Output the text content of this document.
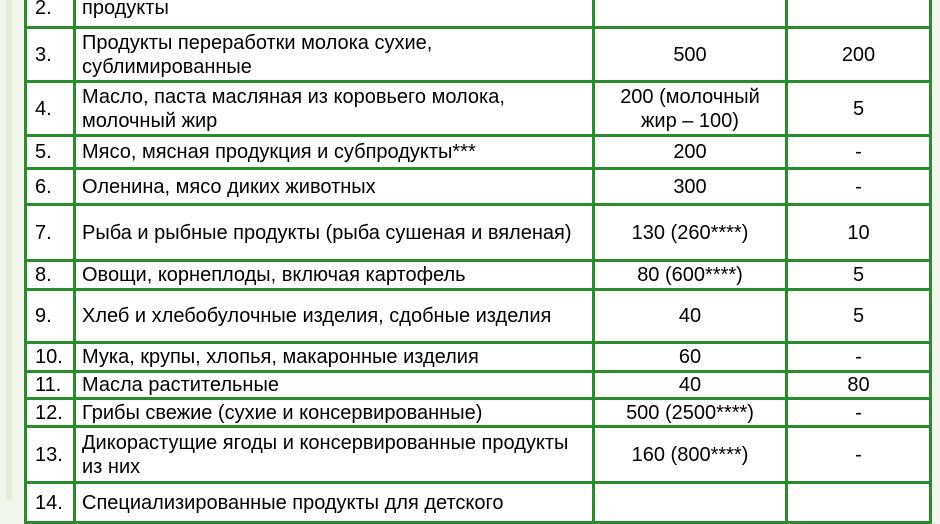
2.	продукты		
3.	Продукты переработки молока сухие, сублимированные	500	200
4.	Масло, паста масляная из коровьего молока, молочный жир	200 (молочный жир – 100)	5
5.	Мясо, мясная продукция и субпродукты***	200	-
6.	Оленина, мясо диких животных	300	-
7.	Рыба и рыбные продукты (рыба сушеная и вяленая)	130 (260****)	10
8.	Овощи, корнеплоды, включая картофель	80 (600****)	5
9.	Хлеб и хлебобулочные изделия, сдобные изделия	40	5
10.	Мука, крупы, хлопья, макаронные изделия	60	-
11.	Масла растительные	40	80
12.	Грибы свежие (сухие и консервированные)	500 (2500****)	-
13.	Дикорастущие ягоды и консервированные продукты из них	160 (800****)	-
14.	Специализированные продукты для детского		
